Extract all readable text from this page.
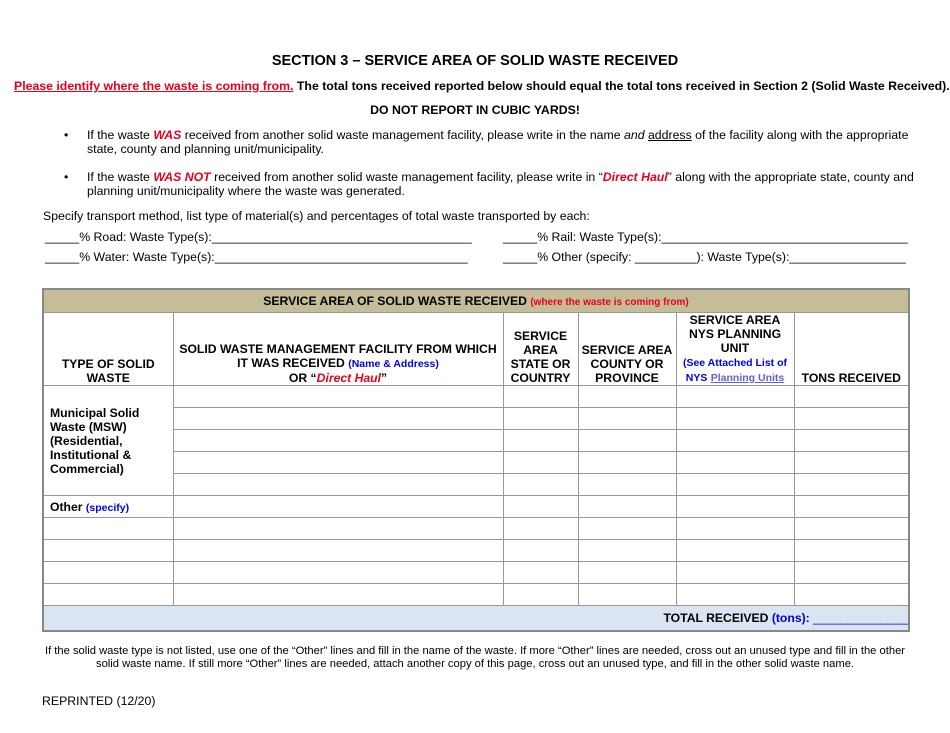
SECTION 3 – SERVICE AREA OF SOLID WASTE RECEIVED
Please identify where the waste is coming from. The total tons received reported below should equal the total tons received in Section 2 (Solid Waste Received).
DO NOT REPORT IN CUBIC YARDS!
• If the waste WAS received from another solid waste management facility, please write in the name and address of the facility along with the appropriate state, county and planning unit/municipality.
• If the waste WAS NOT received from another solid waste management facility, please write in “Direct Haul” along with the appropriate state, county and planning unit/municipality where the waste was generated.
Specify transport method, list type of material(s) and percentages of total waste transported by each:
_____% Road: Waste Type(s):______________________________________	_____% Rail: Waste Type(s):____________________________________
_____% Water: Waste Type(s):_____________________________________	_____% Other (specify: _________): Waste Type(s):_________________
SERVICE AREA OF SOLID WASTE RECEIVED (where the waste is coming from)					
TYPE OF SOLID WASTE	SOLID WASTE MANAGEMENT FACILITY FROM WHICH IT WAS RECEIVED (Name & Address)
OR “Direct Haul”	SERVICE AREA STATE OR COUNTRY	SERVICE AREA COUNTY OR PROVINCE	SERVICE AREA NYS PLANNING UNIT
(See Attached List of NYS Planning Units	TONS RECEIVED
Municipal Solid Waste (MSW) (Residential, Institutional & Commercial)					

Other (specify)					

TOTAL RECEIVED (tons): ______________					
If the solid waste type is not listed, use one of the “Other” lines and fill in the name of the waste. If more “Other” lines are needed, cross out an unused type and fill in the other solid waste name. If still more “Other” lines are needed, attach another copy of this page, cross out an unused type, and fill in the other solid waste name.
REPRINTED (12/20)
